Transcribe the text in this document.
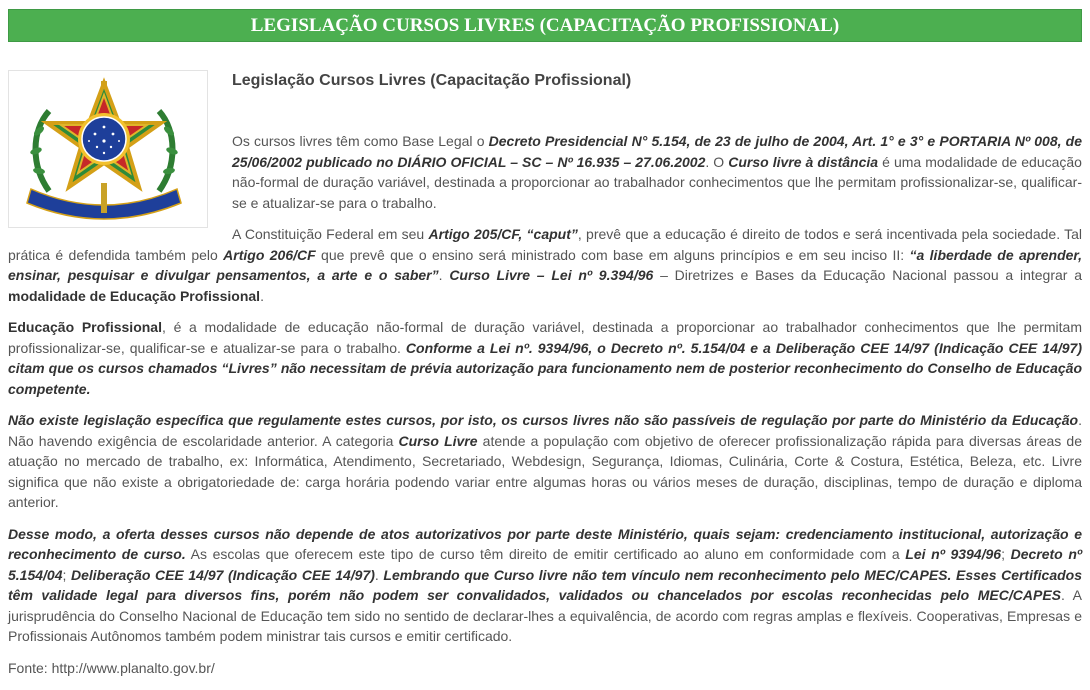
LEGISLAÇÃO CURSOS LIVRES (CAPACITAÇÃO PROFISSIONAL)
Legislação Cursos Livres (Capacitação Profissional)

Os cursos livres têm como Base Legal o Decreto Presidencial N° 5.154, de 23 de julho de 2004, Art. 1° e 3° e PORTARIA Nº 008, de 25/06/2002 publicado no DIÁRIO OFICIAL – SC – Nº 16.935 – 27.06.2002. O Curso livre à distância é uma modalidade de educação não-formal de duração variável, destinada a proporcionar ao trabalhador conhecimentos que lhe permitam profissionalizar-se, qualificar-se e atualizar-se para o trabalho.

A Constituição Federal em seu Artigo 205/CF, “caput”, prevê que a educação é direito de todos e será incentivada pela sociedade. Tal prática é defendida também pelo Artigo 206/CF que prevê que o ensino será ministrado com base em alguns princípios e em seu inciso II: “a liberdade de aprender, ensinar, pesquisar e divulgar pensamentos, a arte e o saber”. Curso Livre – Lei nº 9.394/96 – Diretrizes e Bases da Educação Nacional passou a integrar a modalidade de Educação Profissional.

Educação Profissional, é a modalidade de educação não-formal de duração variável, destinada a proporcionar ao trabalhador conhecimentos que lhe permitam profissionalizar-se, qualificar-se e atualizar-se para o trabalho. Conforme a Lei nº. 9394/96, o Decreto nº. 5.154/04 e a Deliberação CEE 14/97 (Indicação CEE 14/97) citam que os cursos chamados “Livres” não necessitam de prévia autorização para funcionamento nem de posterior reconhecimento do Conselho de Educação competente.

Não existe legislação específica que regulamente estes cursos, por isto, os cursos livres não são passíveis de regulação por parte do Ministério da Educação. Não havendo exigência de escolaridade anterior. A categoria Curso Livre atende a população com objetivo de oferecer profissionalização rápida para diversas áreas de atuação no mercado de trabalho, ex: Informática, Atendimento, Secretariado, Webdesign, Segurança, Idiomas, Culinária, Corte & Costura, Estética, Beleza, etc. Livre significa que não existe a obrigatoriedade de: carga horária podendo variar entre algumas horas ou vários meses de duração, disciplinas, tempo de duração e diploma anterior.

Desse modo, a oferta desses cursos não depende de atos autorizativos por parte deste Ministério, quais sejam: credenciamento institucional, autorização e reconhecimento de curso. As escolas que oferecem este tipo de curso têm direito de emitir certificado ao aluno em conformidade com a Lei nº 9394/96; Decreto nº 5.154/04; Deliberação CEE 14/97 (Indicação CEE 14/97). Lembrando que Curso livre não tem vínculo nem reconhecimento pelo MEC/CAPES. Esses Certificados têm validade legal para diversos fins, porém não podem ser convalidados, validados ou chancelados por escolas reconhecidas pelo MEC/CAPES. A jurisprudência do Conselho Nacional de Educação tem sido no sentido de declarar-lhes a equivalência, de acordo com regras amplas e flexíveis. Cooperativas, Empresas e Profissionais Autônomos também podem ministrar tais cursos e emitir certificado.

Fonte: http://www.planalto.gov.br/
